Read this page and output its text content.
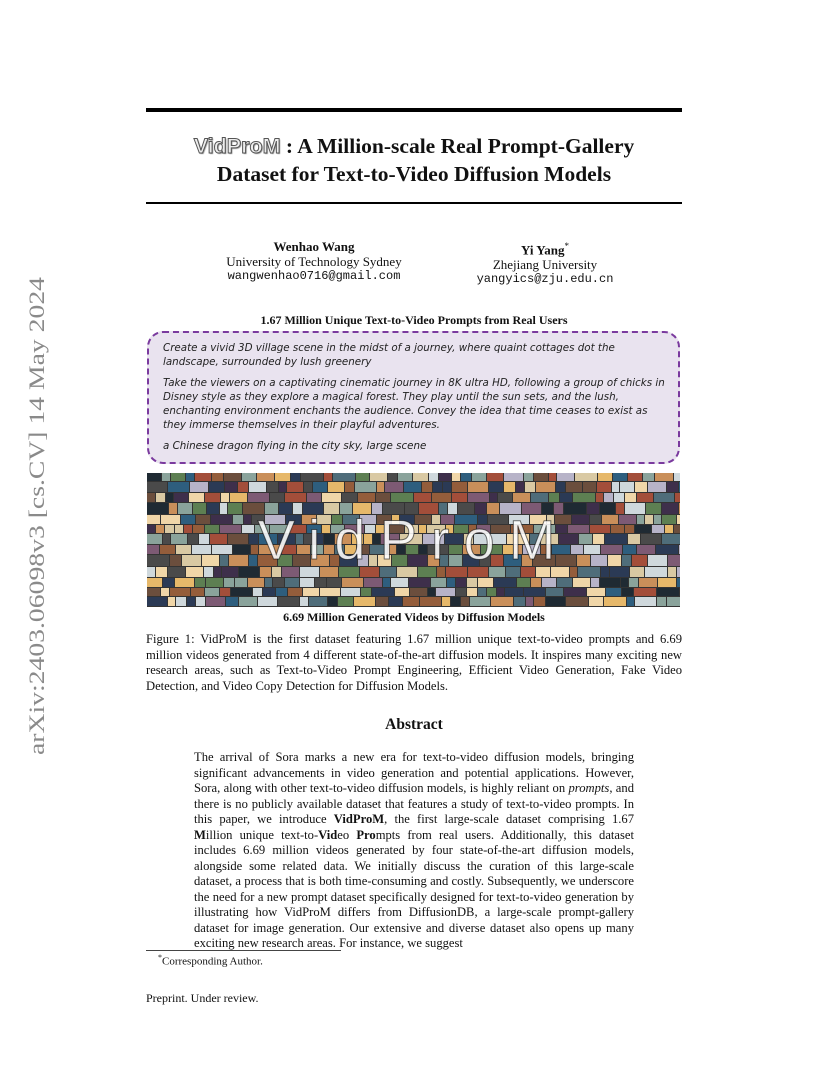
arXiv:2403.06098v3 [cs.CV] 14 May 2024
VidProM : A Million-scale Real Prompt-Gallery
Dataset for Text-to-Video Diffusion Models
Wenhao Wang
University of Technology Sydney
wangwenhao0716@gmail.com
Yi Yang*
Zhejiang University
yangyics@zju.edu.cn
1.67 Million Unique Text-to-Video Prompts from Real Users

Create a vivid 3D village scene in the midst of a journey, where quaint cottages dot the landscape, surrounded by lush greenery

Take the viewers on a captivating cinematic journey in 8K ultra HD, following a group of chicks in Disney style as they explore a magical forest. They play until the sun sets, and the lush, enchanting environment enchants the audience. Convey the idea that time ceases to exist as they immerse themselves in their playful adventures.

a Chinese dragon flying in the city sky, large scene

VidProM
6.69 Million Generated Videos by Diffusion Models
Figure 1: VidProM is the first dataset featuring 1.67 million unique text-to-video prompts and 6.69 million videos generated from 4 different state-of-the-art diffusion models. It inspires many exciting new research areas, such as Text-to-Video Prompt Engineering, Efficient Video Generation, Fake Video Detection, and Video Copy Detection for Diffusion Models.
Abstract
The arrival of Sora marks a new era for text-to-video diffusion models, bringing significant advancements in video generation and potential applications. However, Sora, along with other text-to-video diffusion models, is highly reliant on prompts, and there is no publicly available dataset that features a study of text-to-video prompts. In this paper, we introduce VidProM, the first large-scale dataset comprising 1.67 Million unique text-to-Video Prompts from real users. Additionally, this dataset includes 6.69 million videos generated by four state-of-the-art diffusion models, alongside some related data. We initially discuss the curation of this large-scale dataset, a process that is both time-consuming and costly. Subsequently, we underscore the need for a new prompt dataset specifically designed for text-to-video generation by illustrating how VidProM differs from DiffusionDB, a large-scale prompt-gallery dataset for image generation. Our extensive and diverse dataset also opens up many exciting new research areas. For instance, we suggest
*Corresponding Author.
Preprint. Under review.
